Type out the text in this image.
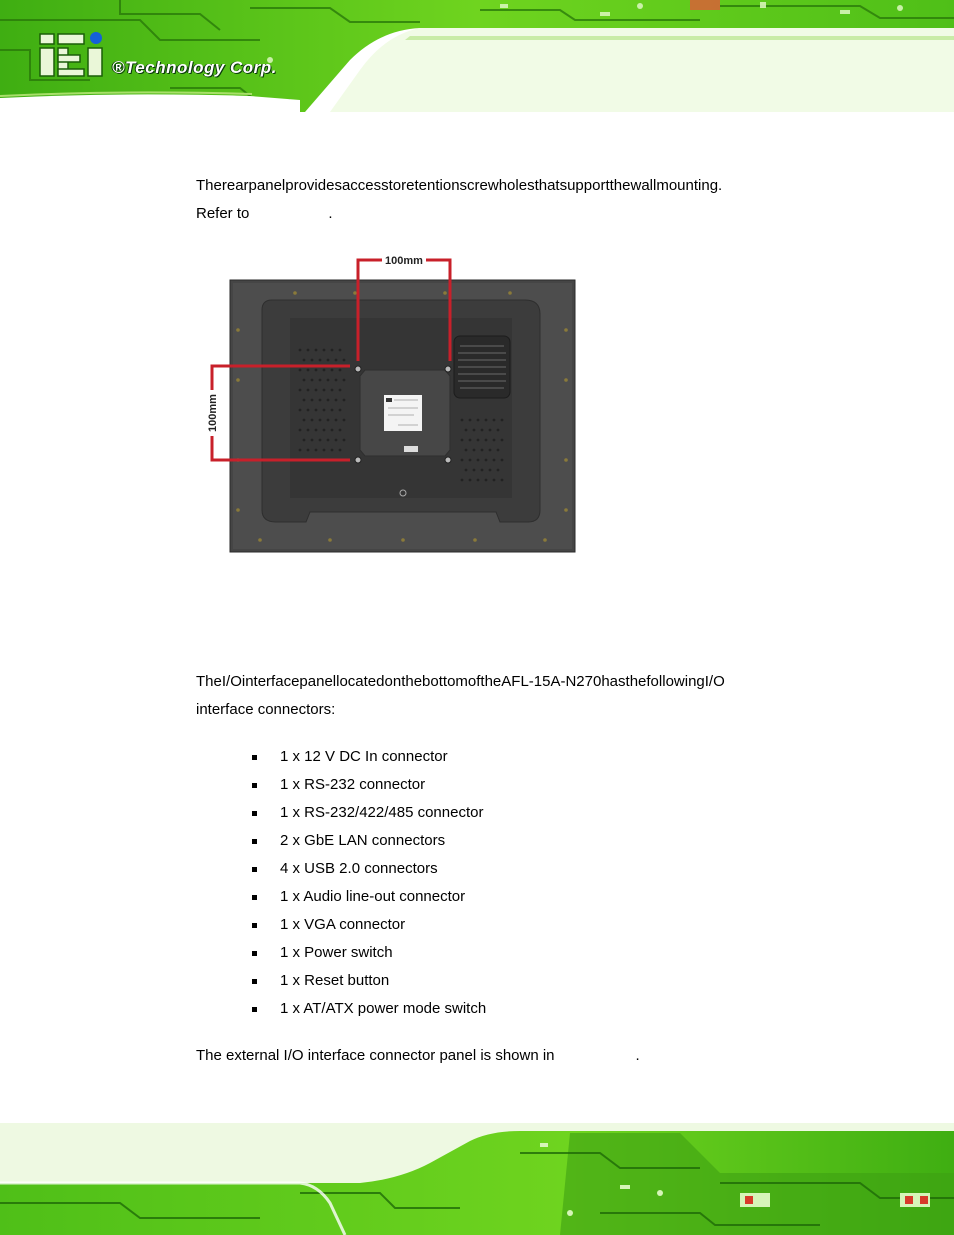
®Technology Corp.
Therearpanelprovidesaccesstoretentionscrewholesthatsupportthewallmounting.
Refer to	.
100mm
100mm
TheI/OinterfacepanellocatedonthebottomoftheAFL-15A-N270hasthefollowingI/O
interface connectors:
1 x 12 V DC In connector
1 x RS-232 connector
1 x RS-232/422/485 connector
2 x GbE LAN connectors
4 x USB 2.0 connectors
1 x Audio line-out connector
1 x VGA connector
1 x Power switch
1 x Reset button
1 x AT/ATX power mode switch
The external I/O interface connector panel is shown in	.
